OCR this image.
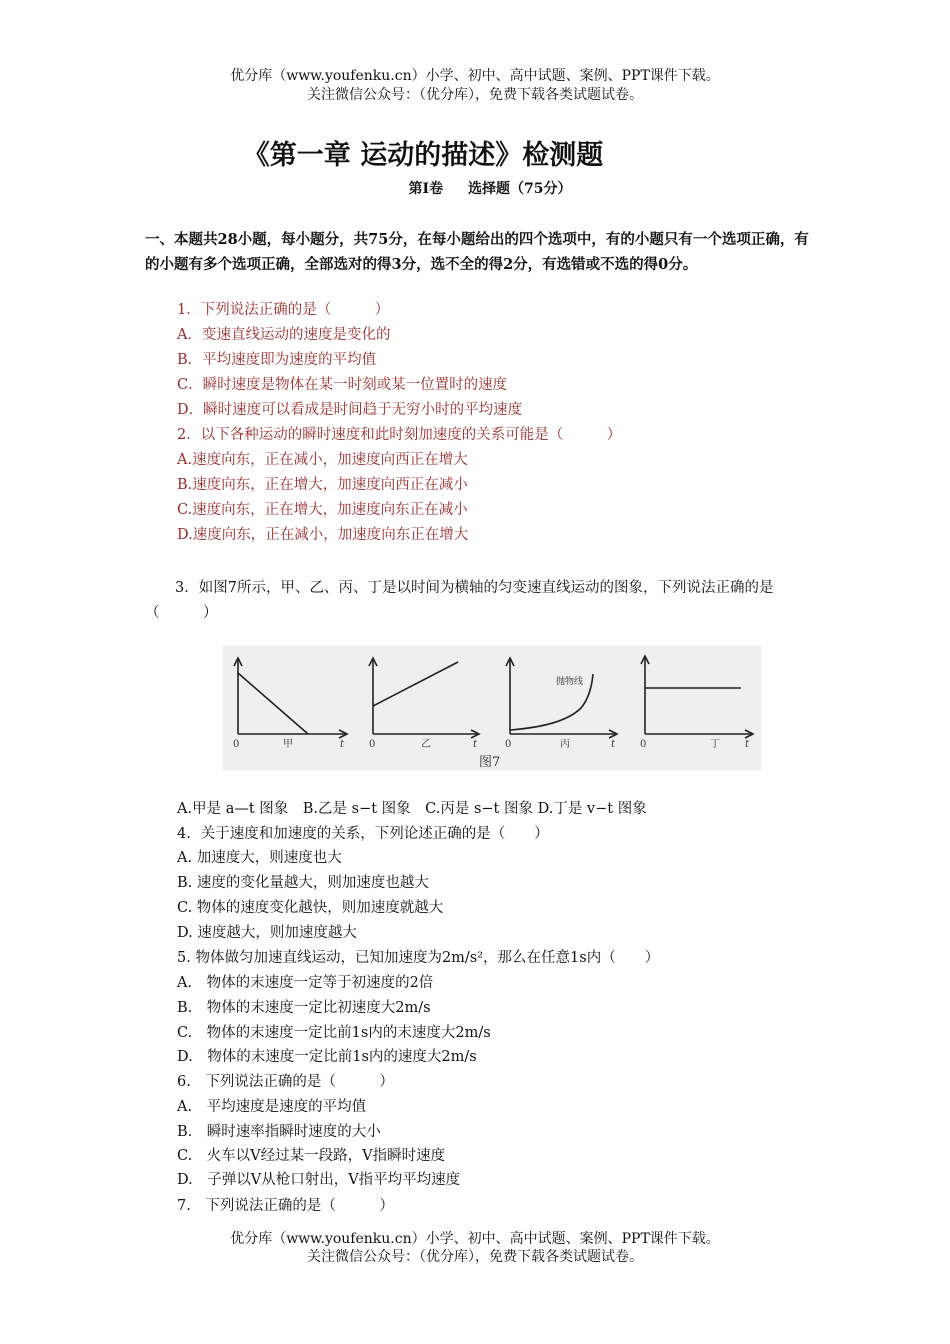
优分库（www.youfenku.cn）小学、初中、高中试题、案例、PPT课件下载。
关注微信公众号：（优分库），免费下载各类试题试卷。
《第一章 运动的描述》检测题
第Ⅰ卷 选择题（75分）
一、本题共28小题，每小题分，共75分，在每小题给出的四个选项中，有的小题只有一个选项正确，有的小题有多个选项正确，全部选对的得3分，选不全的得2分，有选错或不选的得0分。
1．下列说法正确的是（　　　）
A．变速直线运动的速度是变化的
B．平均速度即为速度的平均值
C．瞬时速度是物体在某一时刻或某一位置时的速度
D．瞬时速度可以看成是时间趋于无穷小时的平均速度
2．以下各种运动的瞬时速度和此时刻加速度的关系可能是（　　　）
A.速度向东，正在减小，加速度向西正在增大
B.速度向东，正在增大，加速度向西正在减小
C.速度向东，正在增大，加速度向东正在减小
D.速度向东，正在减小，加速度向东正在增大
3．如图7所示，甲、乙、丙、丁是以时间为横轴的匀变速直线运动的图象，下列说法正确的是　　　（　　　）
0	甲	t 0	乙	t	0	丙	t
抛物线
0	丁	t
图7
A.甲是 a—t 图象　B.乙是 s−t 图象　C.丙是 s−t 图象 D.丁是 v−t 图象
4．关于速度和加速度的关系，下列论述正确的是（　　）
A. 加速度大，则速度也大
B. 速度的变化量越大，则加速度也越大
C. 物体的速度变化越快，则加速度就越大
D. 速度越大，则加速度越大
5. 物体做匀加速直线运动，已知加速度为2m/s²，那么在任意1s内（　　）
A.　物体的末速度一定等于初速度的2倍
B.　物体的末速度一定比初速度大2m/s
C.　物体的末速度一定比前1s内的末速度大2m/s
D.　物体的末速度一定比前1s内的速度大2m/s
6.　下列说法正确的是（　　　）
A.　平均速度是速度的平均值
B.　瞬时速率指瞬时速度的大小
C.　火车以V经过某一段路，V指瞬时速度
D.　子弹以V从枪口射出，V指平均平均速度
7.　下列说法正确的是（　　　）
优分库（www.youfenku.cn）小学、初中、高中试题、案例、PPT课件下载。
关注微信公众号：（优分库），免费下载各类试题试卷。
